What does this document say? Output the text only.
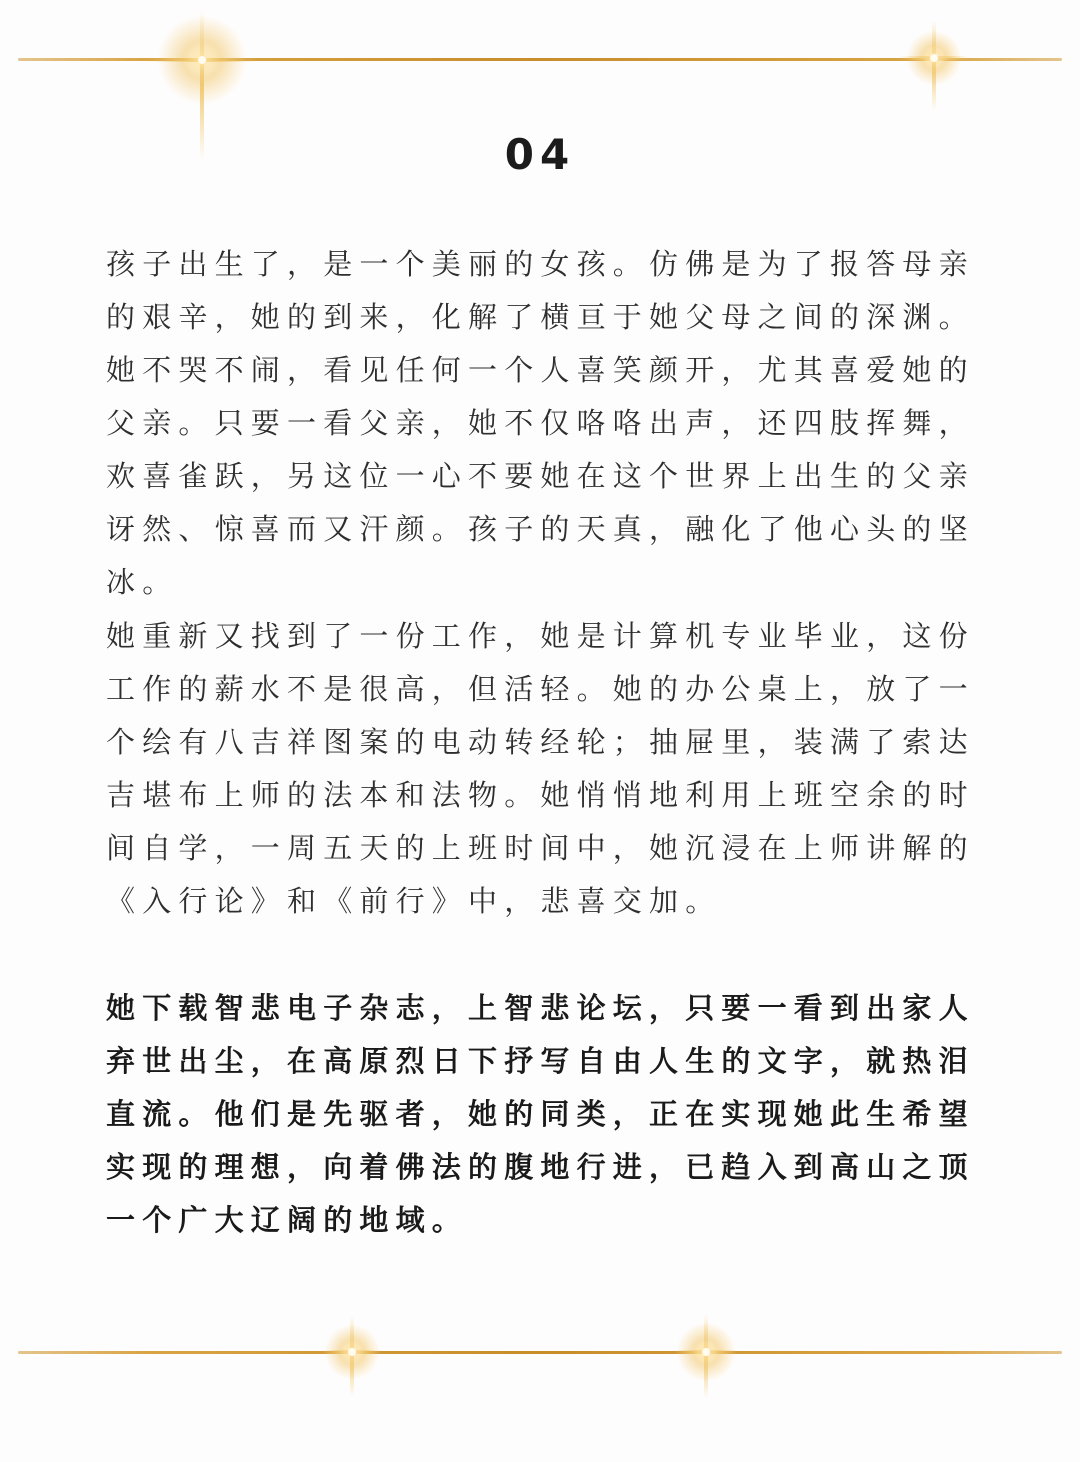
04

孩子出生了，是一个美丽的女孩。仿佛是为了报答母亲的艰辛，她的到来，化解了横亘于她父母之间的深渊。她不哭不闹，看见任何一个人喜笑颜开，尤其喜爱她的父亲。只要一看父亲，她不仅咯咯出声，还四肢挥舞，欢喜雀跃，另这位一心不要她在这个世界上出生的父亲讶然、惊喜而又汗颜。孩子的天真，融化了他心头的坚冰。

她重新又找到了一份工作，她是计算机专业毕业，这份工作的薪水不是很高，但活轻。她的办公桌上，放了一个绘有八吉祥图案的电动转经轮；抽屉里，装满了索达吉堪布上师的法本和法物。她悄悄地利用上班空余的时间自学，一周五天的上班时间中，她沉浸在上师讲解的《入行论》和《前行》中，悲喜交加。

她下载智悲电子杂志，上智悲论坛，只要一看到出家人弃世出尘，在高原烈日下抒写自由人生的文字，就热泪直流。他们是先驱者，她的同类，正在实现她此生希望实现的理想，向着佛法的腹地行进，已趋入到高山之顶一个广大辽阔的地域。
